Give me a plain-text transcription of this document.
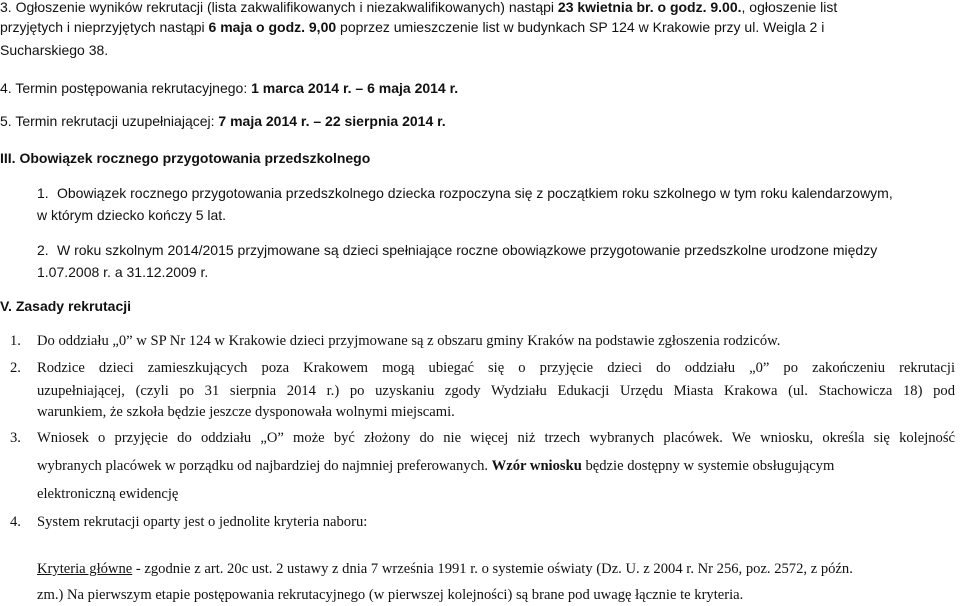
3. Ogłoszenie wyników rekrutacji (lista zakwalifikowanych i niezakwalifikowanych) nastąpi 23 kwietnia br. o godz. 9.00., ogłoszenie list
przyjętych i nieprzyjętych nastąpi 6 maja o godz. 9,00 poprzez umieszczenie list w budynkach SP 124 w Krakowie przy ul. Weigla 2 i
Sucharskiego 38.
4. Termin postępowania rekrutacyjnego: 1 marca 2014 r. – 6 maja 2014 r.
5. Termin rekrutacji uzupełniającej: 7 maja 2014 r. – 22 sierpnia 2014 r.
III. Obowiązek rocznego przygotowania przedszkolnego
1. Obowiązek rocznego przygotowania przedszkolnego dziecka rozpoczyna się z początkiem roku szkolnego w tym roku kalendarzowym,
w którym dziecko kończy 5 lat.
2. W roku szkolnym 2014/2015 przyjmowane są dzieci spełniające roczne obowiązkowe przygotowanie przedszkolne urodzone między
1.07.2008 r. a 31.12.2009 r.
V. Zasady rekrutacji
1. Do oddziału „0” w SP Nr 124 w Krakowie dzieci przyjmowane są z obszaru gminy Kraków na podstawie zgłoszenia rodziców.
2. Rodzice dzieci zamieszkujących poza Krakowem mogą ubiegać się o przyjęcie dzieci do oddziału „0” po zakończeniu rekrutacji
uzupełniającej, (czyli po 31 sierpnia 2014 r.) po uzyskaniu zgody Wydziału Edukacji Urzędu Miasta Krakowa (ul. Stachowicza 18) pod
warunkiem, że szkoła będzie jeszcze dysponowała wolnymi miejscami.
3. Wniosek o przyjęcie do oddziału „O” może być złożony do nie więcej niż trzech wybranych placówek. We wniosku, określa się kolejność
wybranych placówek w porządku od najbardziej do najmniej preferowanych. Wzór wniosku będzie dostępny w systemie obsługującym
elektroniczną ewidencję
4. System rekrutacji oparty jest o jednolite kryteria naboru:
Kryteria główne - zgodnie z art. 20c ust. 2 ustawy z dnia 7 września 1991 r. o systemie oświaty (Dz. U. z 2004 r. Nr 256, poz. 2572, z późn.
zm.) Na pierwszym etapie postępowania rekrutacyjnego (w pierwszej kolejności) są brane pod uwagę łącznie te kryteria.
